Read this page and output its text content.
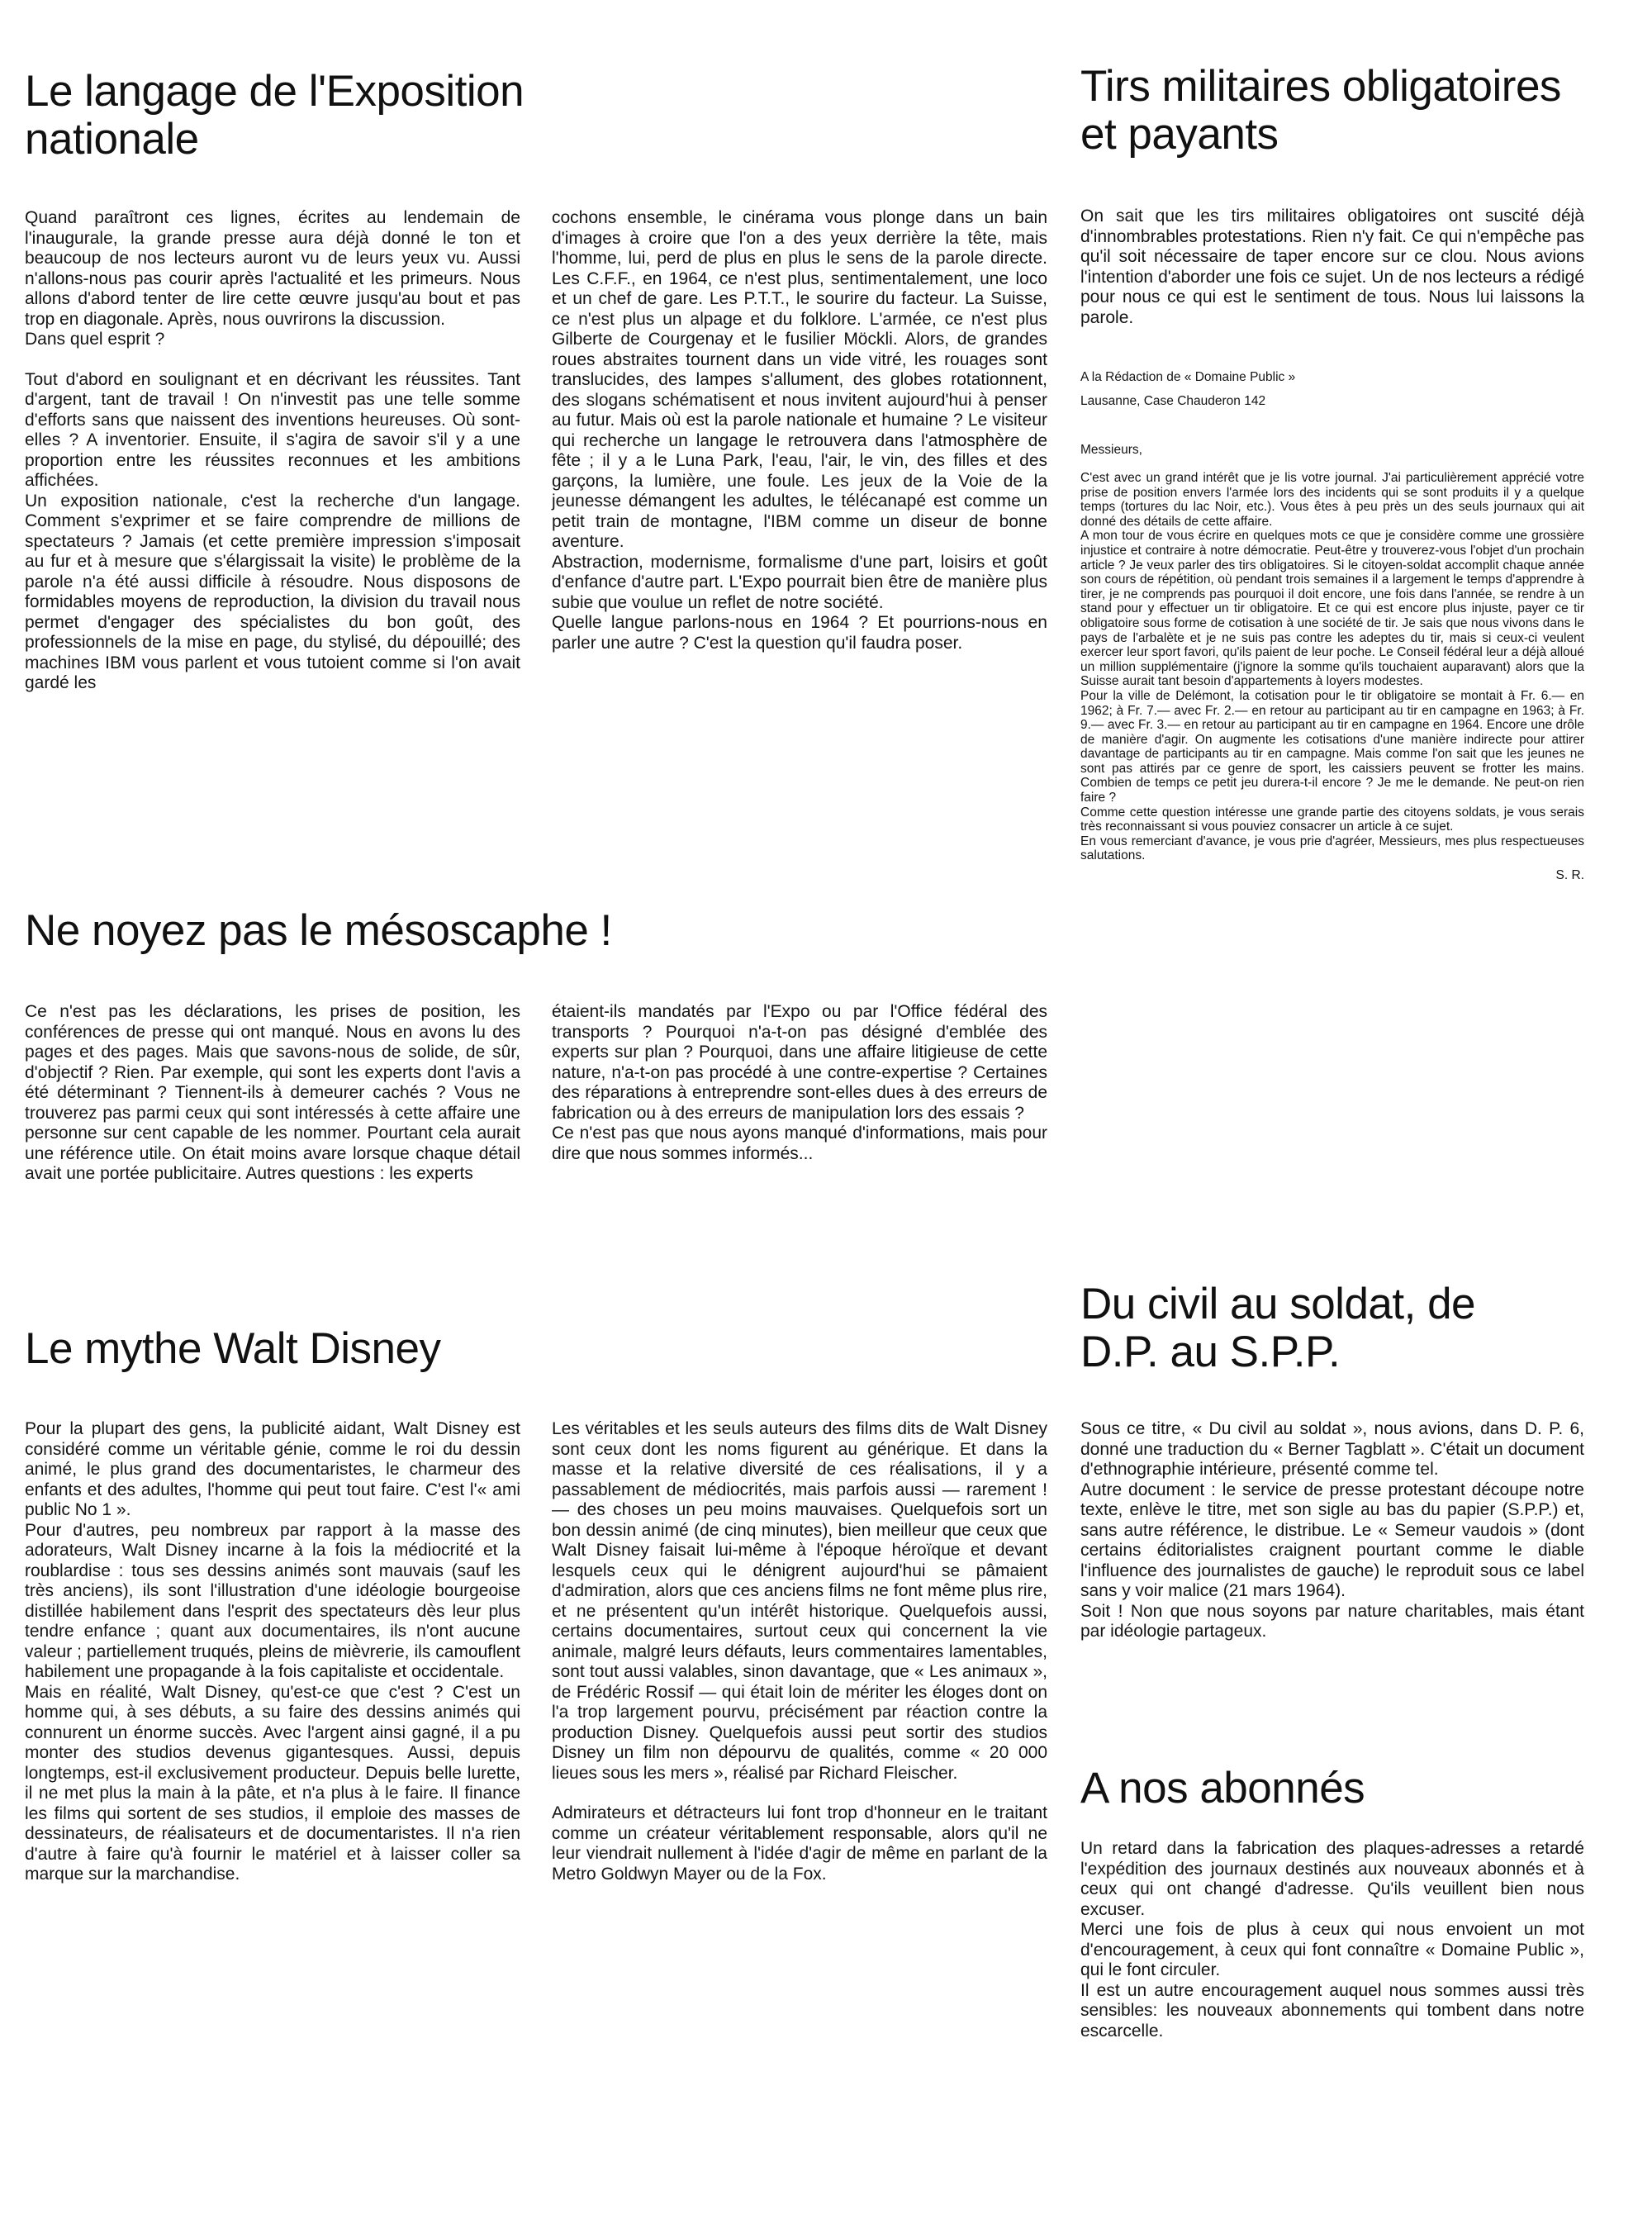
Le langage de l'Exposition nationale

Quand paraîtront ces lignes, écrites au lendemain de l'inaugurale, la grande presse aura déjà donné le ton et beaucoup de nos lecteurs auront vu de leurs yeux vu. Aussi n'allons-nous pas courir après l'actualité et les primeurs. Nous allons d'abord tenter de lire cette œuvre jusqu'au bout et pas trop en diagonale. Après, nous ouvrirons la discussion.

Dans quel esprit ?

Tout d'abord en soulignant et en décrivant les réussites. Tant d'argent, tant de travail ! On n'investit pas une telle somme d'efforts sans que naissent des inventions heureuses. Où sont-elles ? A inventorier. Ensuite, il s'agira de savoir s'il y a une proportion entre les réussites reconnues et les ambitions affichées.

Un exposition nationale, c'est la recherche d'un langage. Comment s'exprimer et se faire comprendre de millions de spectateurs ? Jamais (et cette première impression s'imposait au fur et à mesure que s'élargissait la visite) le problème de la parole n'a été aussi difficile à résoudre. Nous disposons de formidables moyens de reproduction, la division du travail nous permet d'engager des spécialistes du bon goût, des professionnels de la mise en page, du stylisé, du dépouillé; des machines IBM vous parlent et vous tutoient comme si l'on avait gardé les

cochons ensemble, le cinérama vous plonge dans un bain d'images à croire que l'on a des yeux derrière la tête, mais l'homme, lui, perd de plus en plus le sens de la parole directe. Les C.F.F., en 1964, ce n'est plus, sentimentalement, une loco et un chef de gare. Les P.T.T., le sourire du facteur. La Suisse, ce n'est plus un alpage et du folklore. L'armée, ce n'est plus Gilberte de Courgenay et le fusilier Möckli. Alors, de grandes roues abstraites tournent dans un vide vitré, les rouages sont translucides, des lampes s'allument, des globes rotationnent, des slogans schématisent et nous invitent aujourd'hui à penser au futur. Mais où est la parole nationale et humaine ? Le visiteur qui recherche un langage le retrouvera dans l'atmosphère de fête ; il y a le Luna Park, l'eau, l'air, le vin, des filles et des garçons, la lumière, une foule. Les jeux de la Voie de la jeunesse démangent les adultes, le télécanapé est comme un petit train de montagne, l'IBM comme un diseur de bonne aventure.

Abstraction, modernisme, formalisme d'une part, loisirs et goût d'enfance d'autre part. L'Expo pourrait bien être de manière plus subie que voulue un reflet de notre société.

Quelle langue parlons-nous en 1964 ? Et pourrions-nous en parler une autre ? C'est la question qu'il faudra poser.

Ne noyez pas le mésoscaphe !

Ce n'est pas les déclarations, les prises de position, les conférences de presse qui ont manqué. Nous en avons lu des pages et des pages. Mais que savons-nous de solide, de sûr, d'objectif ? Rien. Par exemple, qui sont les experts dont l'avis a été déterminant ? Tiennent-ils à demeurer cachés ? Vous ne trouverez pas parmi ceux qui sont intéressés à cette affaire une personne sur cent capable de les nommer. Pourtant cela aurait une référence utile. On était moins avare lorsque chaque détail avait une portée publicitaire. Autres questions : les experts

étaient-ils mandatés par l'Expo ou par l'Office fédéral des transports ? Pourquoi n'a-t-on pas désigné d'emblée des experts sur plan ? Pourquoi, dans une affaire litigieuse de cette nature, n'a-t-on pas procédé à une contre-expertise ? Certaines des réparations à entreprendre sont-elles dues à des erreurs de fabrication ou à des erreurs de manipulation lors des essais ?

Ce n'est pas que nous ayons manqué d'informations, mais pour dire que nous sommes informés...

Le mythe Walt Disney

Pour la plupart des gens, la publicité aidant, Walt Disney est considéré comme un véritable génie, comme le roi du dessin animé, le plus grand des documentaristes, le charmeur des enfants et des adultes, l'homme qui peut tout faire. C'est l'« ami public No 1 ».

Pour d'autres, peu nombreux par rapport à la masse des adorateurs, Walt Disney incarne à la fois la médiocrité et la roublardise : tous ses dessins animés sont mauvais (sauf les très anciens), ils sont l'illustration d'une idéologie bourgeoise distillée habilement dans l'esprit des spectateurs dès leur plus tendre enfance ; quant aux documentaires, ils n'ont aucune valeur ; partiellement truqués, pleins de mièvrerie, ils camouflent habilement une propagande à la fois capitaliste et occidentale.

Mais en réalité, Walt Disney, qu'est-ce que c'est ? C'est un homme qui, à ses débuts, a su faire des dessins animés qui connurent un énorme succès. Avec l'argent ainsi gagné, il a pu monter des studios devenus gigantesques. Aussi, depuis longtemps, est-il exclusivement producteur. Depuis belle lurette, il ne met plus la main à la pâte, et n'a plus à le faire. Il finance les films qui sortent de ses studios, il emploie des masses de dessinateurs, de réalisateurs et de documentaristes. Il n'a rien d'autre à faire qu'à fournir le matériel et à laisser coller sa marque sur la marchandise.

Les véritables et les seuls auteurs des films dits de Walt Disney sont ceux dont les noms figurent au générique. Et dans la masse et la relative diversité de ces réalisations, il y a passablement de médiocrités, mais parfois aussi — rarement ! — des choses un peu moins mauvaises. Quelquefois sort un bon dessin animé (de cinq minutes), bien meilleur que ceux que Walt Disney faisait lui-même à l'époque héroïque et devant lesquels ceux qui le dénigrent aujourd'hui se pâmaient d'admiration, alors que ces anciens films ne font même plus rire, et ne présentent qu'un intérêt historique. Quelquefois aussi, certains documentaires, surtout ceux qui concernent la vie animale, malgré leurs défauts, leurs commentaires lamentables, sont tout aussi valables, sinon davantage, que « Les animaux », de Frédéric Rossif — qui était loin de mériter les éloges dont on l'a trop largement pourvu, précisément par réaction contre la production Disney. Quelquefois aussi peut sortir des studios Disney un film non dépourvu de qualités, comme « 20 000 lieues sous les mers », réalisé par Richard Fleischer.

Admirateurs et détracteurs lui font trop d'honneur en le traitant comme un créateur véritablement responsable, alors qu'il ne leur viendrait nullement à l'idée d'agir de même en parlant de la Metro Goldwyn Mayer ou de la Fox.

Tirs militaires obligatoires et payants

On sait que les tirs militaires obligatoires ont suscité déjà d'innombrables protestations. Rien n'y fait. Ce qui n'empêche pas qu'il soit nécessaire de taper encore sur ce clou. Nous avions l'intention d'aborder une fois ce sujet. Un de nos lecteurs a rédigé pour nous ce qui est le sentiment de tous. Nous lui laissons la parole.

A la Rédaction de « Domaine Public »

Lausanne, Case Chauderon 142

Messieurs,

C'est avec un grand intérêt que je lis votre journal. J'ai particulièrement apprécié votre prise de position envers l'armée lors des incidents qui se sont produits il y a quelque temps (tortures du lac Noir, etc.). Vous êtes à peu près un des seuls journaux qui ait donné des détails de cette affaire.

A mon tour de vous écrire en quelques mots ce que je considère comme une grossière injustice et contraire à notre démocratie. Peut-être y trouverez-vous l'objet d'un prochain article ? Je veux parler des tirs obligatoires. Si le citoyen-soldat accomplit chaque année son cours de répétition, où pendant trois semaines il a largement le temps d'apprendre à tirer, je ne comprends pas pourquoi il doit encore, une fois dans l'année, se rendre à un stand pour y effectuer un tir obligatoire. Et ce qui est encore plus injuste, payer ce tir obligatoire sous forme de cotisation à une société de tir. Je sais que nous vivons dans le pays de l'arbalète et je ne suis pas contre les adeptes du tir, mais si ceux-ci veulent exercer leur sport favori, qu'ils paient de leur poche. Le Conseil fédéral leur a déjà alloué un million supplémentaire (j'ignore la somme qu'ils touchaient auparavant) alors que la Suisse aurait tant besoin d'appartements à loyers modestes.

Pour la ville de Delémont, la cotisation pour le tir obligatoire se montait à Fr. 6.— en 1962; à Fr. 7.— avec Fr. 2.— en retour au participant au tir en campagne en 1963; à Fr. 9.— avec Fr. 3.— en retour au participant au tir en campagne en 1964. Encore une drôle de manière d'agir. On augmente les cotisations d'une manière indirecte pour attirer davantage de participants au tir en campagne. Mais comme l'on sait que les jeunes ne sont pas attirés par ce genre de sport, les caissiers peuvent se frotter les mains. Combien de temps ce petit jeu durera-t-il encore ? Je me le demande. Ne peut-on rien faire ?

Comme cette question intéresse une grande partie des citoyens soldats, je vous serais très reconnaissant si vous pouviez consacrer un article à ce sujet.

En vous remerciant d'avance, je vous prie d'agréer, Messieurs, mes plus respectueuses salutations.

S. R.

Du civil au soldat, de D.P. au S.P.P.

Sous ce titre, « Du civil au soldat », nous avions, dans D. P. 6, donné une traduction du « Berner Tagblatt ». C'était un document d'ethnographie intérieure, présenté comme tel.

Autre document : le service de presse protestant découpe notre texte, enlève le titre, met son sigle au bas du papier (S.P.P.) et, sans autre référence, le distribue. Le « Semeur vaudois » (dont certains éditorialistes craignent pourtant comme le diable l'influence des journalistes de gauche) le reproduit sous ce label sans y voir malice (21 mars 1964).

Soit ! Non que nous soyons par nature charitables, mais étant par idéologie partageux.

A nos abonnés

Un retard dans la fabrication des plaques-adresses a retardé l'expédition des journaux destinés aux nouveaux abonnés et à ceux qui ont changé d'adresse. Qu'ils veuillent bien nous excuser.

Merci une fois de plus à ceux qui nous envoient un mot d'encouragement, à ceux qui font connaître « Domaine Public », qui le font circuler.

Il est un autre encouragement auquel nous sommes aussi très sensibles: les nouveaux abonnements qui tombent dans notre escarcelle.
